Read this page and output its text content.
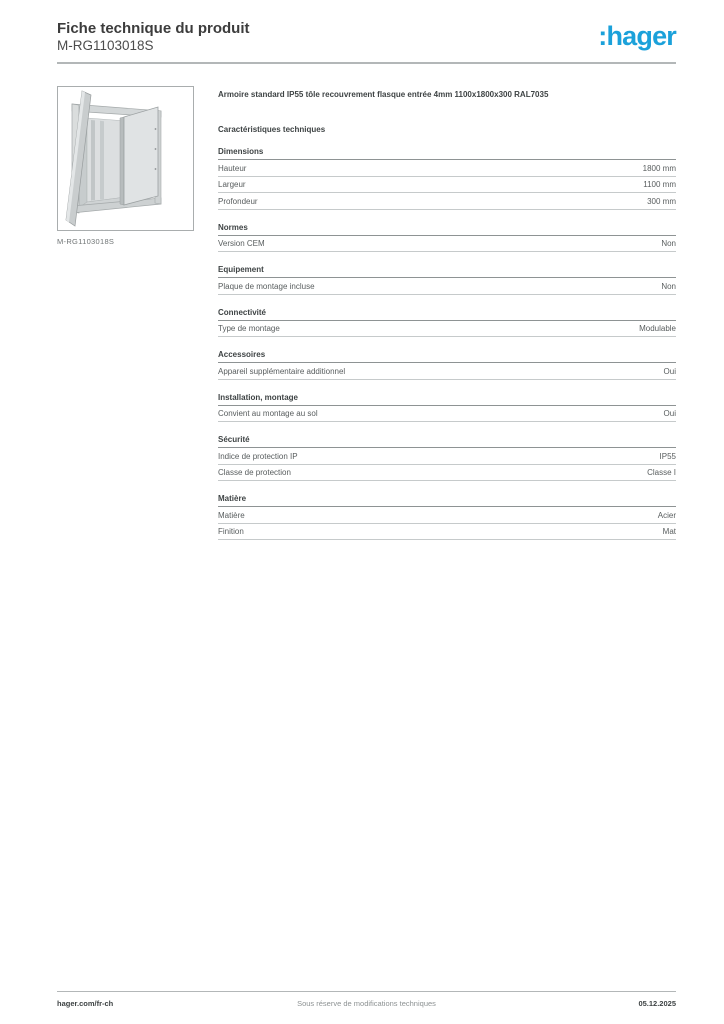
Fiche technique du produit
M-RG1103018S	:hager
M-RG1103018S

Armoire standard IP55 tôle recouvrement flasque entrée 4mm 1100x1800x300 RAL7035

Caractéristiques techniques
Dimensions
Hauteur	1800 mm
Largeur	1100 mm
Profondeur	300 mm
Normes
Version CEM	Non
Equipement
Plaque de montage incluse	Non
Connectivité
Type de montage	Modulable
Accessoires
Appareil supplémentaire additionnel	Oui
Installation, montage
Convient au montage au sol	Oui
Sécurité
Indice de protection IP	IP55
Classe de protection	Classe I
Matière
Matière	Acier
Finition	Mat
hager.com/fr-ch	Sous réserve de modifications techniques	05.12.2025
